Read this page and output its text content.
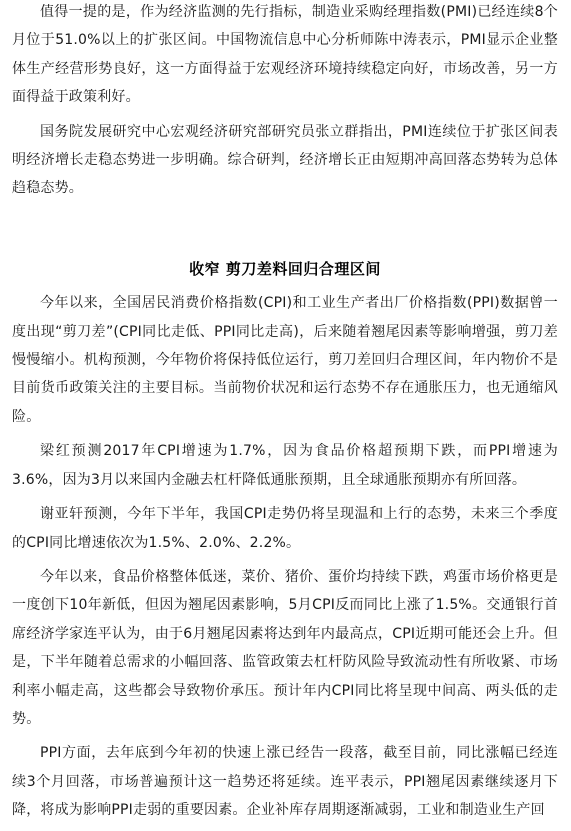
值得一提的是，作为经济监测的先行指标，制造业采购经理指数(PMI)已经连续8个月位于51.0%以上的扩张区间。中国物流信息中心分析师陈中涛表示，PMI显示企业整体生产经营形势良好，这一方面得益于宏观经济环境持续稳定向好，市场改善，另一方面得益于政策利好。

国务院发展研究中心宏观经济研究部研究员张立群指出，PMI连续位于扩张区间表明经济增长走稳态势进一步明确。综合研判，经济增长正由短期冲高回落态势转为总体趋稳态势。

收窄 剪刀差料回归合理区间

今年以来，全国居民消费价格指数(CPI)和工业生产者出厂价格指数(PPI)数据曾一度出现“剪刀差”(CPI同比走低、PPI同比走高)，后来随着翘尾因素等影响增强，剪刀差慢慢缩小。机构预测，今年物价将保持低位运行，剪刀差回归合理区间，年内物价不是目前货币政策关注的主要目标。当前物价状况和运行态势不存在通胀压力，也无通缩风险。

梁红预测2017年CPI增速为1.7%，因为食品价格超预期下跌，而PPI增速为3.6%，因为3月以来国内金融去杠杆降低通胀预期，且全球通胀预期亦有所回落。

谢亚轩预测，今年下半年，我国CPI走势仍将呈现温和上行的态势，未来三个季度的CPI同比增速依次为1.5%、2.0%、2.2%。

今年以来，食品价格整体低迷，菜价、猪价、蛋价均持续下跌，鸡蛋市场价格更是一度创下10年新低，但因为翘尾因素影响，5月CPI反而同比上涨了1.5%。交通银行首席经济学家连平认为，由于6月翘尾因素将达到年内最高点，CPI近期可能还会上升。但是，下半年随着总需求的小幅回落、监管政策去杠杆防风险导致流动性有所收紧、市场利率小幅走高，这些都会导致物价承压。预计年内CPI同比将呈现中间高、两头低的走势。

PPI方面，去年底到今年初的快速上涨已经告一段落，截至目前，同比涨幅已经连续3个月回落，市场普遍预计这一趋势还将延续。连平表示，PPI翘尾因素继续逐月下降，将成为影响PPI走弱的重要因素。企业补库存周期逐渐减弱，工业和制造业生产回
